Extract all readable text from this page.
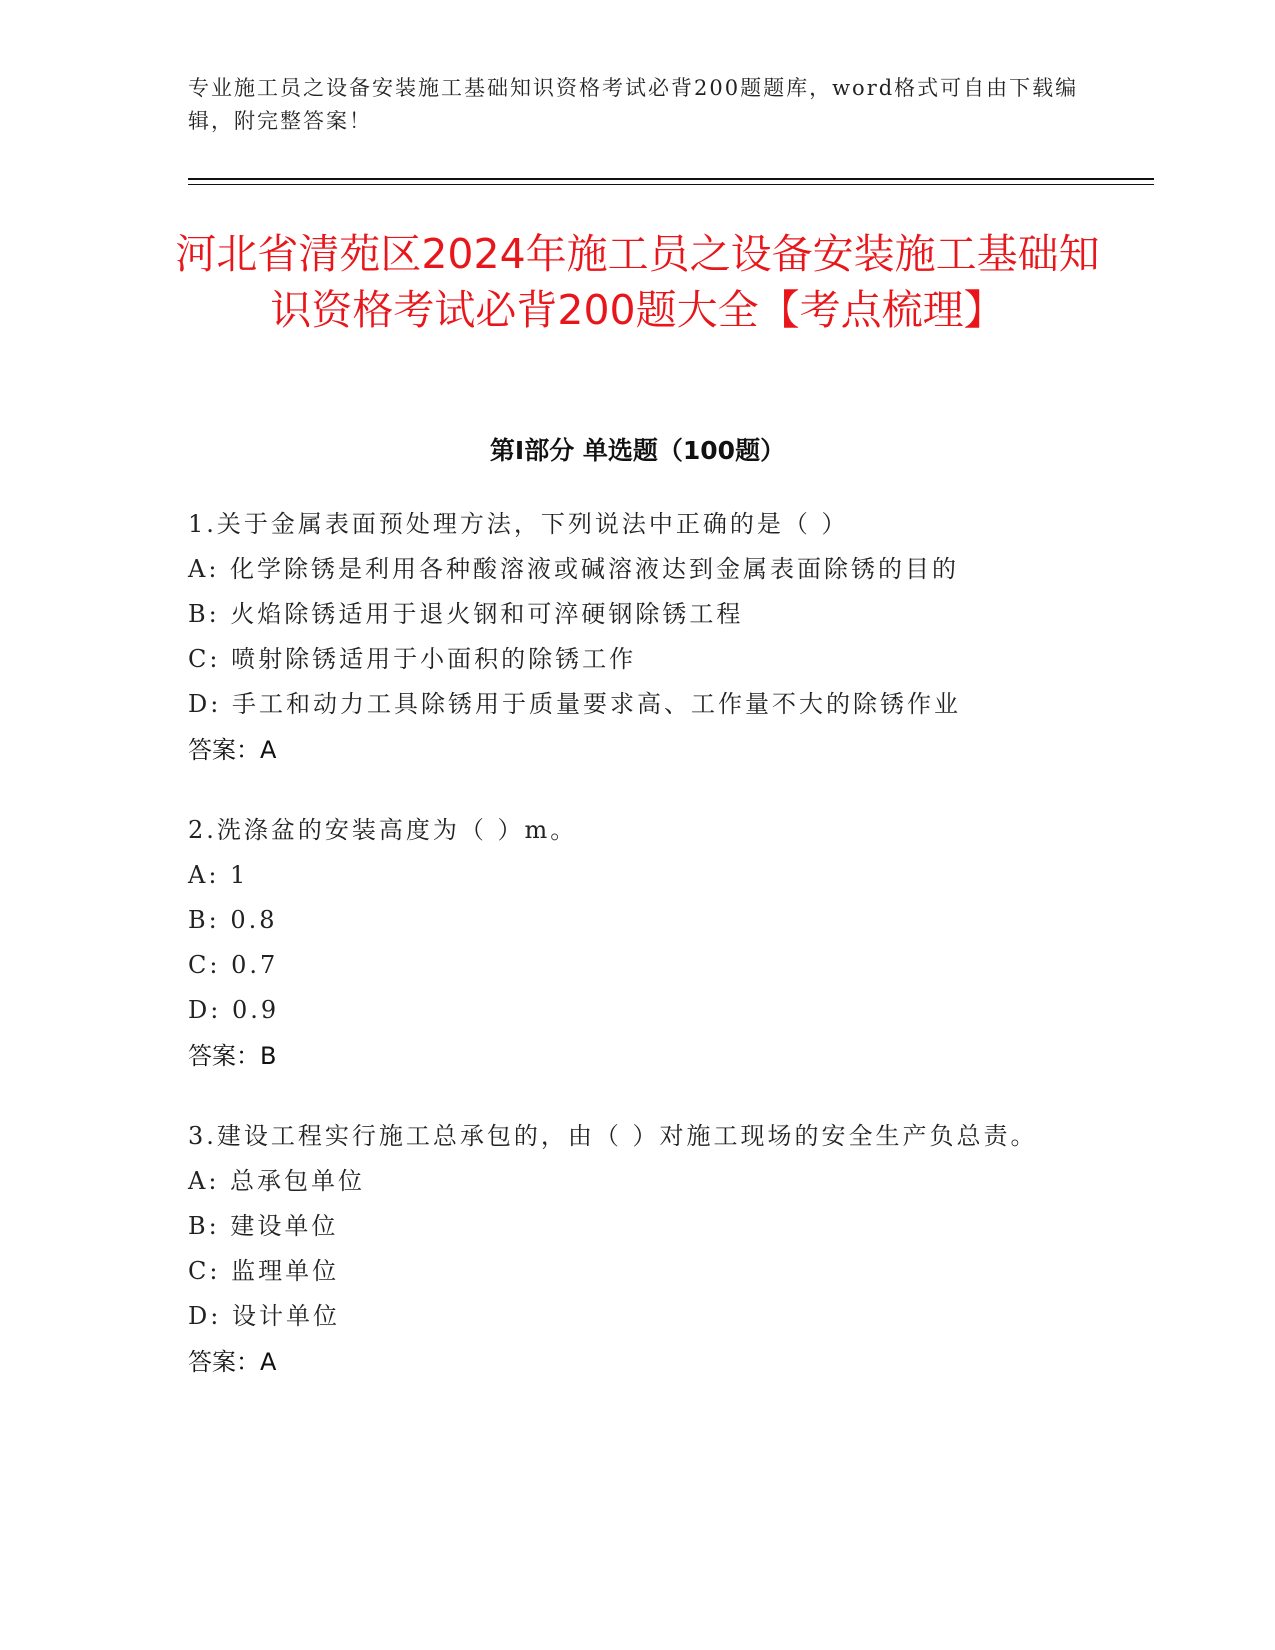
专业施工员之设备安装施工基础知识资格考试必背200题题库，word格式可自由下载编辑，附完整答案！
河北省清苑区2024年施工员之设备安装施工基础知识资格考试必背200题大全【考点梳理】
第I部分 单选题（100题）

1.关于金属表面预处理方法，下列说法中正确的是（ ）

A: 化学除锈是利用各种酸溶液或碱溶液达到金属表面除锈的目的

B: 火焰除锈适用于退火钢和可淬硬钢除锈工程

C: 喷射除锈适用于小面积的除锈工作

D: 手工和动力工具除锈用于质量要求高、工作量不大的除锈作业

答案：A

2.洗涤盆的安装高度为（ ）m。

A: 1

B: 0.8

C: 0.7

D: 0.9

答案：B

3.建设工程实行施工总承包的，由（ ）对施工现场的安全生产负总责。

A: 总承包单位

B: 建设单位

C: 监理单位

D: 设计单位

答案：A
